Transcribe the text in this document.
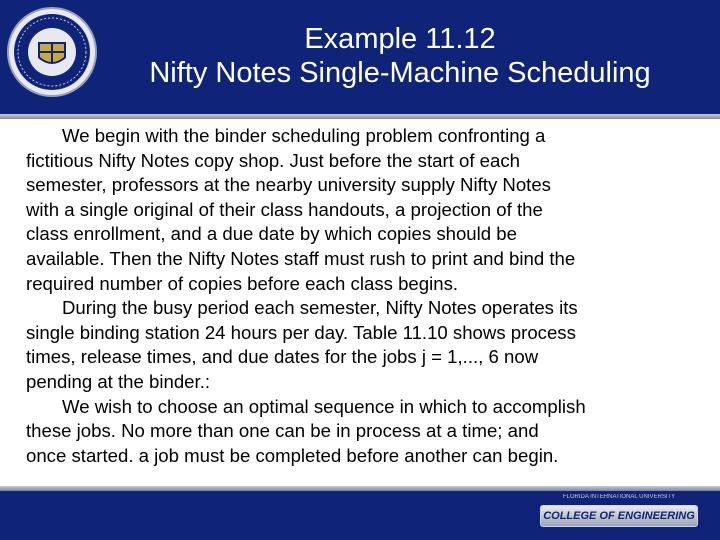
Example 11.12
Nifty Notes Single-Machine Scheduling
We begin with the binder scheduling problem confronting a
fictitious Nifty Notes copy shop. Just before the start of each
semester, professors at the nearby university supply Nifty Notes
with a single original of their class handouts, a projection of the
class enrollment, and a due date by which copies should be
available. Then the Nifty Notes staff must rush to print and bind the
required number of copies before each class begins.
During the busy period each semester, Nifty Notes operates its
single binding station 24 hours per day. Table 11.10 shows process
times, release times, and due dates for the jobs j = 1,..., 6 now
pending at the binder.:
We wish to choose an optimal sequence in which to accomplish
these jobs. No more than one can be in process at a time; and
once started. a job must be completed before another can begin.
FLORIDA INTERNATIONAL UNIVERSITY
COLLEGE OF ENGINEERING
